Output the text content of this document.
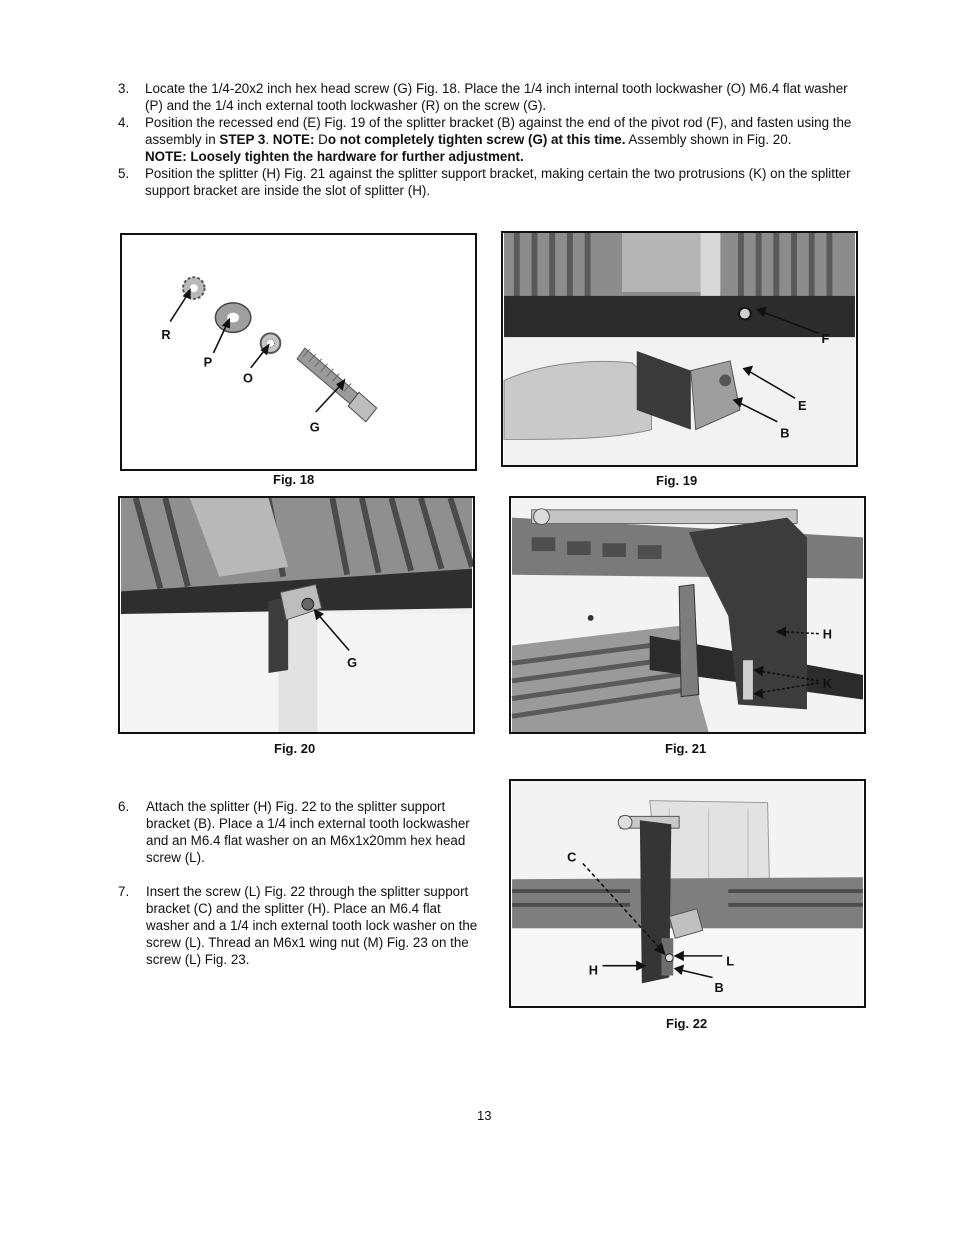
3. Locate the 1/4-20x2 inch hex head screw (G) Fig. 18. Place the 1/4 inch internal tooth lockwasher (O) M6.4 flat washer (P) and the 1/4 inch external tooth lockwasher (R) on the screw (G).
4. Position the recessed end (E) Fig. 19 of the splitter bracket (B) against the end of the pivot rod (F), and fasten using the assembly in STEP 3. NOTE: Do not completely tighten screw (G) at this time. Assembly shown in Fig. 20.
NOTE: Loosely tighten the hardware for further adjustment.
5. Position the splitter (H) Fig. 21 against the splitter support bracket, making certain the two protrusions (K) on the splitter support bracket are inside the slot of splitter (H).
R
P
O
G
Fig. 18
F
E
B
Fig. 19
G
Fig. 20
H
K
Fig. 21
6. Attach the splitter (H) Fig. 22 to the splitter support bracket (B). Place a 1/4 inch external tooth lockwasher and an M6.4 flat washer on an M6x1x20mm hex head screw (L).
7. Insert the screw (L) Fig. 22 through the splitter support bracket (C) and the splitter (H). Place an M6.4 flat washer and a 1/4 inch external tooth lock washer on the screw (L). Thread an M6x1 wing nut (M) Fig. 23 on the screw (L) Fig. 23.
C
H
L
B
Fig. 22
13
